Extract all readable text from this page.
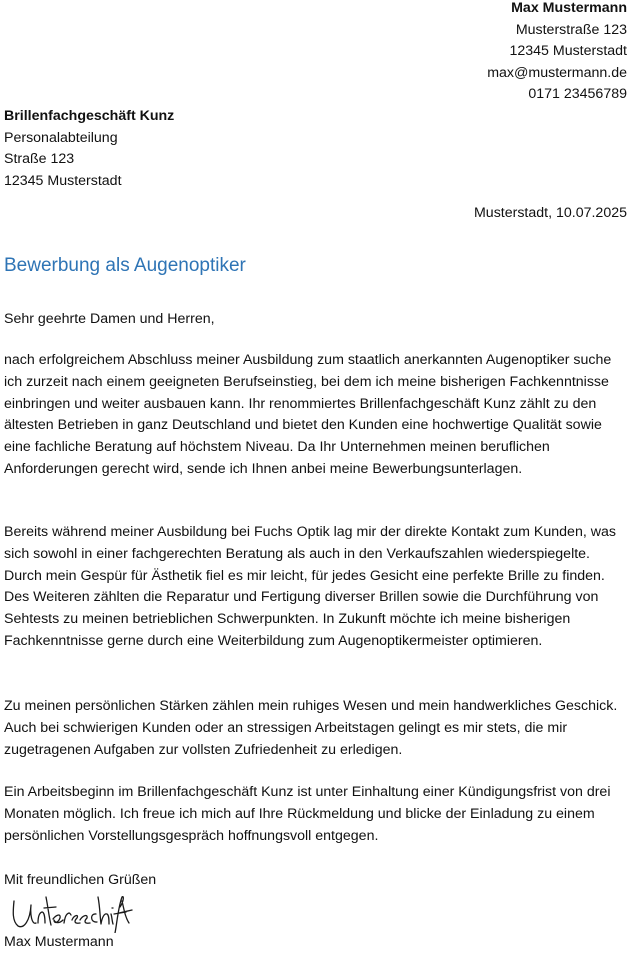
Max Mustermann
Musterstraße 123
12345 Musterstadt
max@mustermann.de
0171 23456789
Brillenfachgeschäft Kunz
Personalabteilung
Straße 123
12345 Musterstadt
Musterstadt, 10.07.2025
Bewerbung als Augenoptiker
Sehr geehrte Damen und Herren,

nach erfolgreichem Abschluss meiner Ausbildung zum staatlich anerkannten Augenoptiker suche ich zurzeit nach einem geeigneten Berufseinstieg, bei dem ich meine bisherigen Fachkenntnisse einbringen und weiter ausbauen kann. Ihr renommiertes Brillenfachgeschäft Kunz zählt zu den ältesten Betrieben in ganz Deutschland und bietet den Kunden eine hochwertige Qualität sowie eine fachliche Beratung auf höchstem Niveau. Da Ihr Unternehmen meinen beruflichen Anforderungen gerecht wird, sende ich Ihnen anbei meine Bewerbungsunterlagen.

Bereits während meiner Ausbildung bei Fuchs Optik lag mir der direkte Kontakt zum Kunden, was sich sowohl in einer fachgerechten Beratung als auch in den Verkaufszahlen wiederspiegelte. Durch mein Gespür für Ästhetik fiel es mir leicht, für jedes Gesicht eine perfekte Brille zu finden. Des Weiteren zählten die Reparatur und Fertigung diverser Brillen sowie die Durchführung von Sehtests zu meinen betrieblichen Schwerpunkten. In Zukunft möchte ich meine bisherigen Fachkenntnisse gerne durch eine Weiterbildung zum Augenoptikermeister optimieren.

Zu meinen persönlichen Stärken zählen mein ruhiges Wesen und mein handwerkliches Geschick. Auch bei schwierigen Kunden oder an stressigen Arbeitstagen gelingt es mir stets, die mir zugetragenen Aufgaben zur vollsten Zufriedenheit zu erledigen.

Ein Arbeitsbeginn im Brillenfachgeschäft Kunz ist unter Einhaltung einer Kündigungsfrist von drei Monaten möglich. Ich freue ich mich auf Ihre Rückmeldung und blicke der Einladung zu einem persönlichen Vorstellungsgespräch hoffnungsvoll entgegen.

Mit freundlichen Grüßen
Max Mustermann
